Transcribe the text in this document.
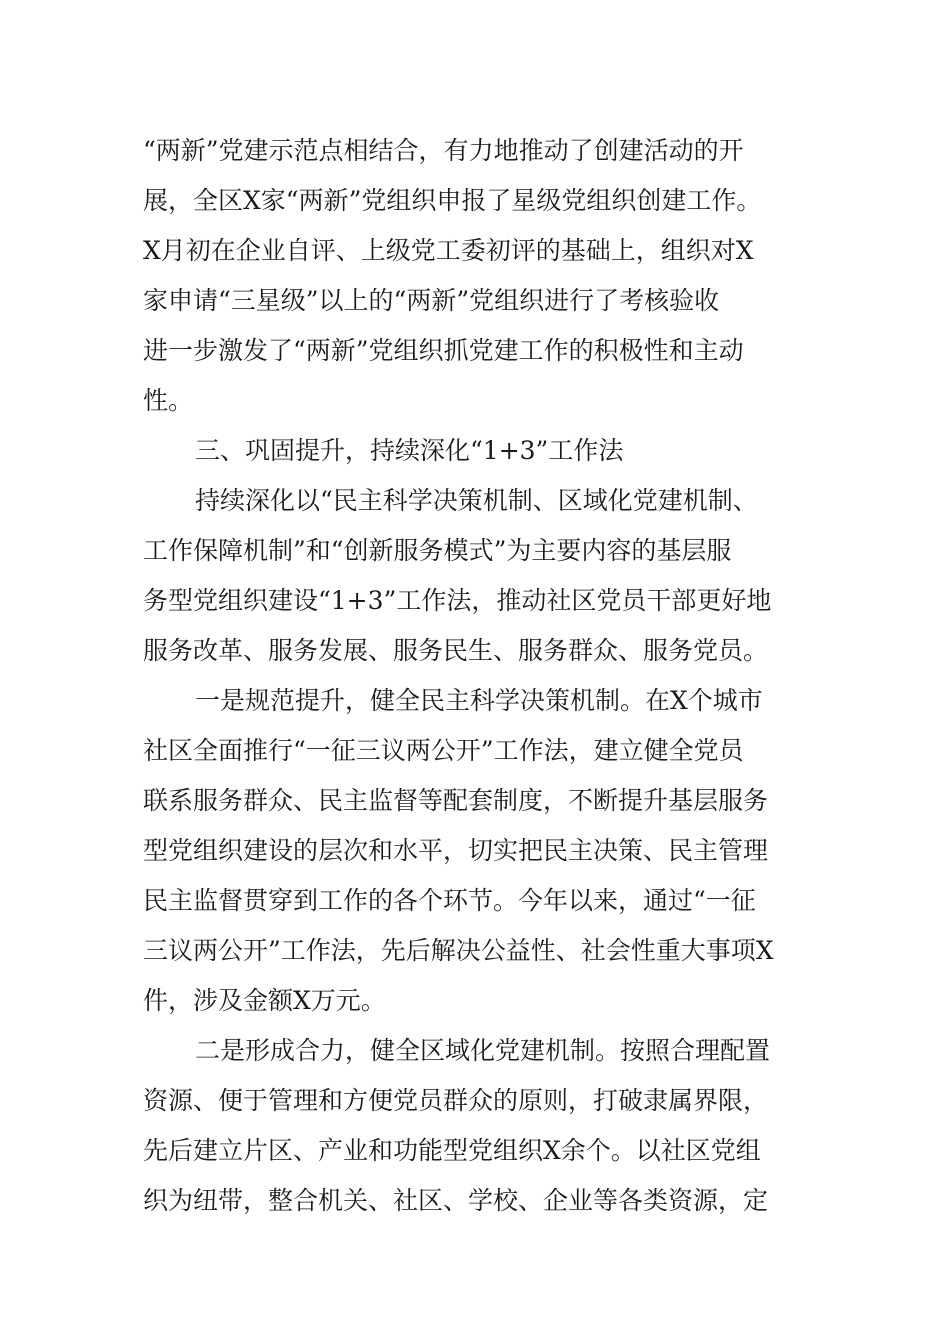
“两新”党建示范点相结合，有力地推动了创建活动的开
展，全区X家“两新”党组织申报了星级党组织创建工作。
X月初在企业自评、上级党工委初评的基础上，组织对X
家申请“三星级”以上的“两新”党组织进行了考核验收
进一步激发了“两新”党组织抓党建工作的积极性和主动
性。
三、巩固提升，持续深化“1+3”工作法
持续深化以“民主科学决策机制、区域化党建机制、
工作保障机制”和“创新服务模式”为主要内容的基层服
务型党组织建设“1+3”工作法，推动社区党员干部更好地
服务改革、服务发展、服务民生、服务群众、服务党员。
一是规范提升，健全民主科学决策机制。在X个城市
社区全面推行“一征三议两公开”工作法，建立健全党员
联系服务群众、民主监督等配套制度，不断提升基层服务
型党组织建设的层次和水平，切实把民主决策、民主管理
民主监督贯穿到工作的各个环节。今年以来，通过“一征
三议两公开”工作法，先后解决公益性、社会性重大事项X
件，涉及金额X万元。
二是形成合力，健全区域化党建机制。按照合理配置
资源、便于管理和方便党员群众的原则，打破隶属界限，
先后建立片区、产业和功能型党组织X余个。以社区党组
织为纽带，整合机关、社区、学校、企业等各类资源，定
